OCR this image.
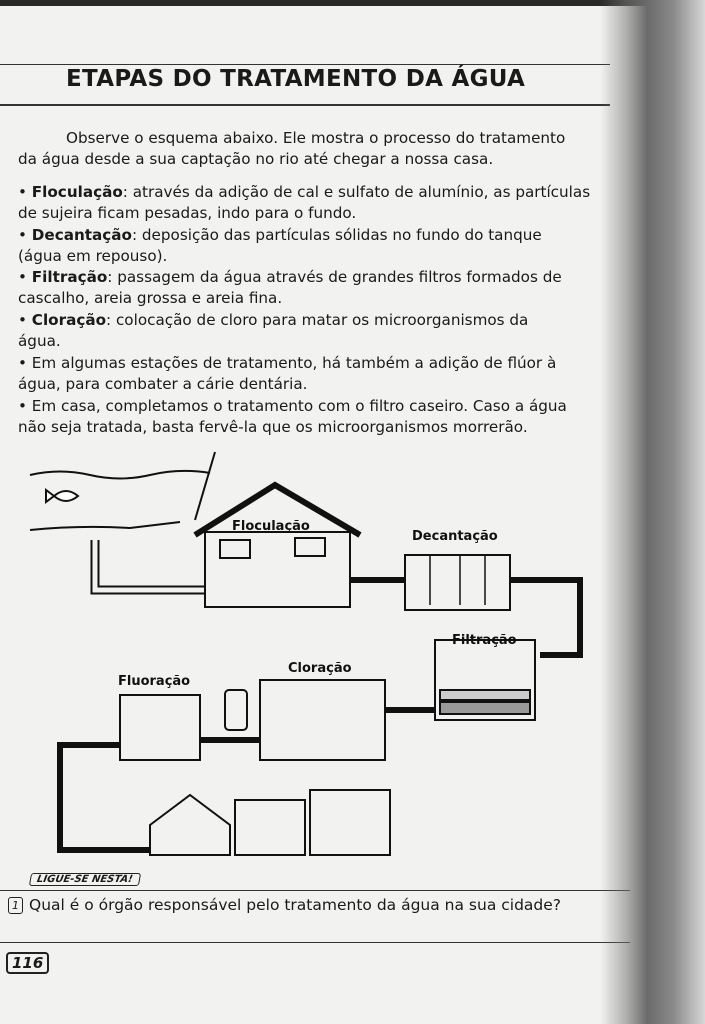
ETAPAS DO TRATAMENTO DA ÁGUA
Observe o esquema abaixo. Ele mostra o processo do tratamento
da água desde a sua captação no rio até chegar a nossa casa.
• Floculação: através da adição de cal e sulfato de alumínio, as partículas
de sujeira ficam pesadas, indo para o fundo.
• Decantação: deposição das partículas sólidas no fundo do tanque
(água em repouso).
• Filtração: passagem da água através de grandes filtros formados de
cascalho, areia grossa e areia fina.
• Cloração: colocação de cloro para matar os microorganismos da
água.
• Em algumas estações de tratamento, há também a adição de flúor à
água, para combater a cárie dentária.
• Em casa, completamos o tratamento com o filtro caseiro. Caso a água
não seja tratada, basta fervê-la que os microorganismos morrerão.
Floculação
Decantação
Filtração
Cloração
Fluoração
LIGUE-SE NESTA!
1 Qual é o órgão responsável pelo tratamento da água na sua cidade?
116
